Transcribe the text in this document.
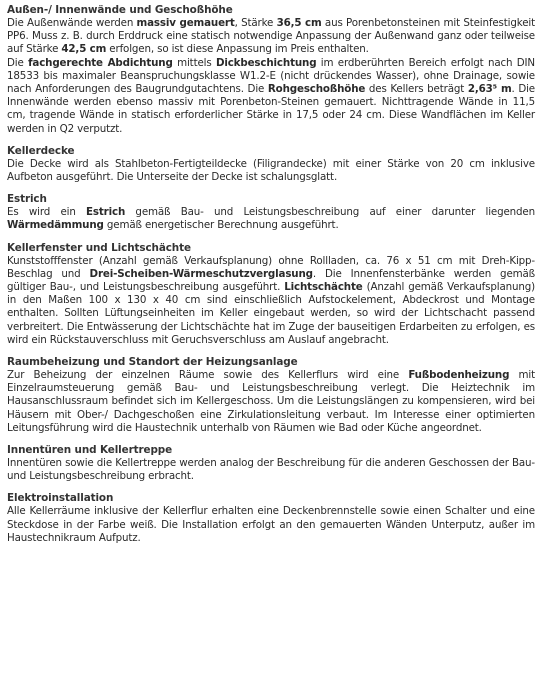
Außen-/ Innenwände und Geschoßhöhe

Die Außenwände werden massiv gemauert, Stärke 36,5 cm aus Porenbetonsteinen mit Steinfestigkeit PP6. Muss z. B. durch Erddruck eine statisch notwendige Anpassung der Außenwand ganz oder teilweise auf Stärke 42,5 cm erfolgen, so ist diese Anpassung im Preis enthalten.

Die fachgerechte Abdichtung mittels Dickbeschichtung im erdberührten Bereich erfolgt nach DIN 18533 bis maximaler Beanspruchungsklasse W1.2-E (nicht drückendes Wasser), ohne Drainage, sowie nach Anforderungen des Baugrundgutachtens. Die Rohgeschoßhöhe des Kellers beträgt 2,63⁵ m. Die Innenwände werden ebenso massiv mit Porenbeton-Steinen gemauert. Nichttragende Wände in 11,5 cm, tragende Wände in statisch erforderlicher Stärke in 17,5 oder 24 cm. Diese Wandflächen im Keller werden in Q2 verputzt.

Kellerdecke

Die Decke wird als Stahlbeton-Fertigteildecke (Filigrandecke) mit einer Stärke von 20 cm inklusive Aufbeton ausgeführt. Die Unterseite der Decke ist schalungsglatt.

Estrich

Es wird ein Estrich gemäß Bau- und Leistungsbeschreibung auf einer darunter liegenden Wärmedämmung gemäß energetischer Berechnung ausgeführt.

Kellerfenster und Lichtschächte

Kunststofffenster (Anzahl gemäß Verkaufsplanung) ohne Rollladen, ca. 76 x 51 cm mit Dreh-Kipp-Beschlag und Drei-Scheiben-Wärmeschutzverglasung. Die Innenfensterbänke werden gemäß gültiger Bau-, und Leistungsbeschreibung ausgeführt. Lichtschächte (Anzahl gemäß Verkaufsplanung) in den Maßen 100 x 130 x 40 cm sind einschließlich Aufstockelement, Abdeckrost und Montage enthalten. Sollten Lüftungseinheiten im Keller eingebaut werden, so wird der Lichtschacht passend verbreitert. Die Entwässerung der Lichtschächte hat im Zuge der bauseitigen Erdarbeiten zu erfolgen, es wird ein Rückstauverschluss mit Geruchsverschluss am Auslauf angebracht.

Raumbeheizung und Standort der Heizungsanlage

Zur Beheizung der einzelnen Räume sowie des Kellerflurs wird eine Fußbodenheizung mit Einzelraumsteuerung gemäß Bau- und Leistungsbeschreibung verlegt. Die Heiztechnik im Hausanschlussraum befindet sich im Kellergeschoss. Um die Leistungslängen zu kompensieren, wird bei Häusern mit Ober-/ Dachgeschoßen eine Zirkulationsleitung verbaut. Im Interesse einer optimierten Leitungsführung wird die Haustechnik unterhalb von Räumen wie Bad oder Küche angeordnet.

Innentüren und Kellertreppe

Innentüren sowie die Kellertreppe werden analog der Beschreibung für die anderen Geschossen der Bau- und Leistungsbeschreibung erbracht.

Elektroinstallation

Alle Kellerräume inklusive der Kellerflur erhalten eine Deckenbrennstelle sowie einen Schalter und eine Steckdose in der Farbe weiß. Die Installation erfolgt an den gemauerten Wänden Unterputz, außer im Haustechnikraum Aufputz.
